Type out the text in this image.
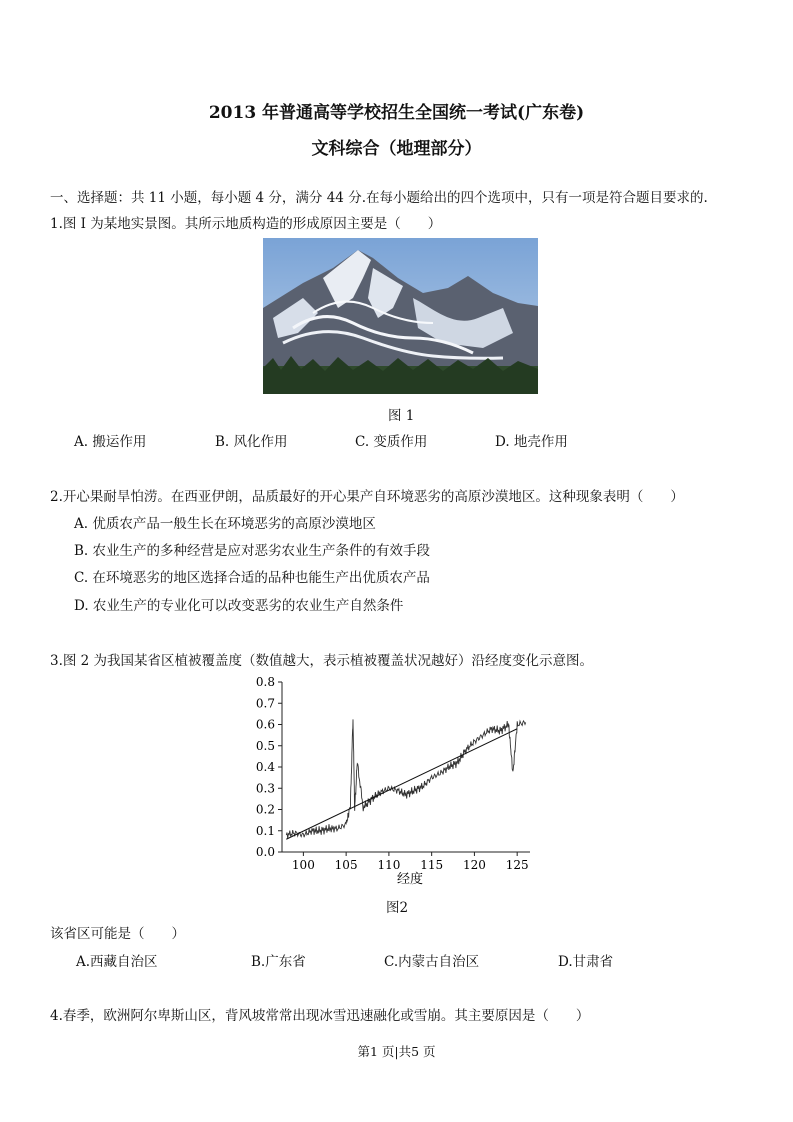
2013 年普通高等学校招生全国统一考试(广东卷)
文科综合（地理部分）
一、选择题：共 11 小题，每小题 4 分，满分 44 分.在每小题给出的四个选项中，只有一项是符合题目要求的.
1.图 I 为某地实景图。其所示地质构造的形成原因主要是（　　）
图 1
A. 搬运作用	B. 风化作用	C. 变质作用	D. 地壳作用
2.开心果耐旱怕涝。在西亚伊朗，品质最好的开心果产自环境恶劣的高原沙漠地区。这种现象表明（　　）
A. 优质农产品一般生长在环境恶劣的高原沙漠地区
B. 农业生产的多种经营是应对恶劣农业生产条件的有效手段
C. 在环境恶劣的地区选择合适的品种也能生产出优质农产品
D. 农业生产的专业化可以改变恶劣的农业生产自然条件
3.图 2 为我国某省区植被覆盖度（数值越大，表示植被覆盖状况越好）沿经度变化示意图。
0.0
0.1
0.2
0.3
0.4
0.5
0.6
0.7
0.8
100 105 110 115 120 125
经度
图2
该省区可能是（　　）
A.西藏自治区	B.广东省	C.内蒙古自治区	D.甘肃省
4.春季，欧洲阿尔卑斯山区，背风坡常常出现冰雪迅速融化或雪崩。其主要原因是（　　）
第1 页|共5 页
